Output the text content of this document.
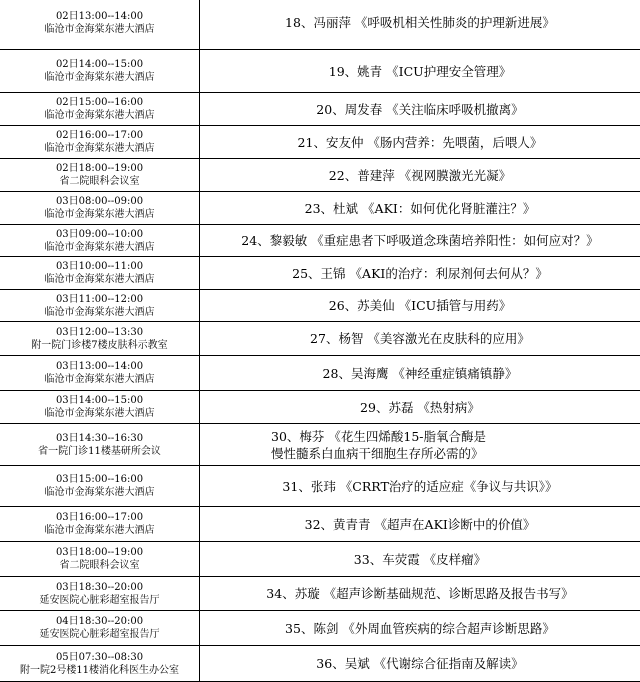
02日13:00--14:00
临沧市金海棠东港大酒店	18、冯丽萍 《呼吸机相关性肺炎的护理新进展》

02日14:00--15:00
临沧市金海棠东港大酒店	19、姚青 《ICU护理安全管理》

02日15:00--16:00
临沧市金海棠东港大酒店	20、周发春 《关注临床呼吸机撤离》

02日16:00--17:00
临沧市金海棠东港大酒店	21、安友仲 《肠内营养：先喂菌，后喂人》

02日18:00--19:00
省二院眼科会议室	22、普建萍 《视网膜激光光凝》

03日08:00--09:00
临沧市金海棠东港大酒店	23、杜斌 《AKI：如何优化肾脏灌注？》

03日09:00--10:00
临沧市金海棠东港大酒店	24、黎毅敏 《重症患者下呼吸道念珠菌培养阳性：如何应对？》

03日10:00--11:00
临沧市金海棠东港大酒店	25、王锦 《AKI的治疗：利尿剂何去何从？》

03日11:00--12:00
临沧市金海棠东港大酒店	26、苏美仙 《ICU插管与用药》

03日12:00--13:30
附一院门诊楼7楼皮肤科示教室	27、杨智 《美容激光在皮肤科的应用》

03日13:00--14:00
临沧市金海棠东港大酒店	28、吴海鹰 《神经重症镇痛镇静》

03日14:00--15:00
临沧市金海棠东港大酒店	29、苏磊 《热射病》

03日14:30--16:30
省一院门诊11楼基研所会议	30、梅芬 《花生四烯酸15-脂氧合酶是
慢性髓系白血病干细胞生存所必需的》

03日15:00--16:00
临沧市金海棠东港大酒店	31、张玮 《CRRT治疗的适应症《争议与共识》》

03日16:00--17:00
临沧市金海棠东港大酒店	32、黄青青 《超声在AKI诊断中的价值》

03日18:00--19:00
省二院眼科会议室	33、车荧霞 《皮样瘤》

03日18:30--20:00
延安医院心脏彩超室报告厅	34、苏璇 《超声诊断基础规范、诊断思路及报告书写》

04日18:30--20:00
延安医院心脏彩超室报告厅	35、陈剑 《外周血管疾病的综合超声诊断思路》

05日07:30--08:30
附一院2号楼11楼消化科医生办公室	36、吴斌 《代谢综合征指南及解读》
